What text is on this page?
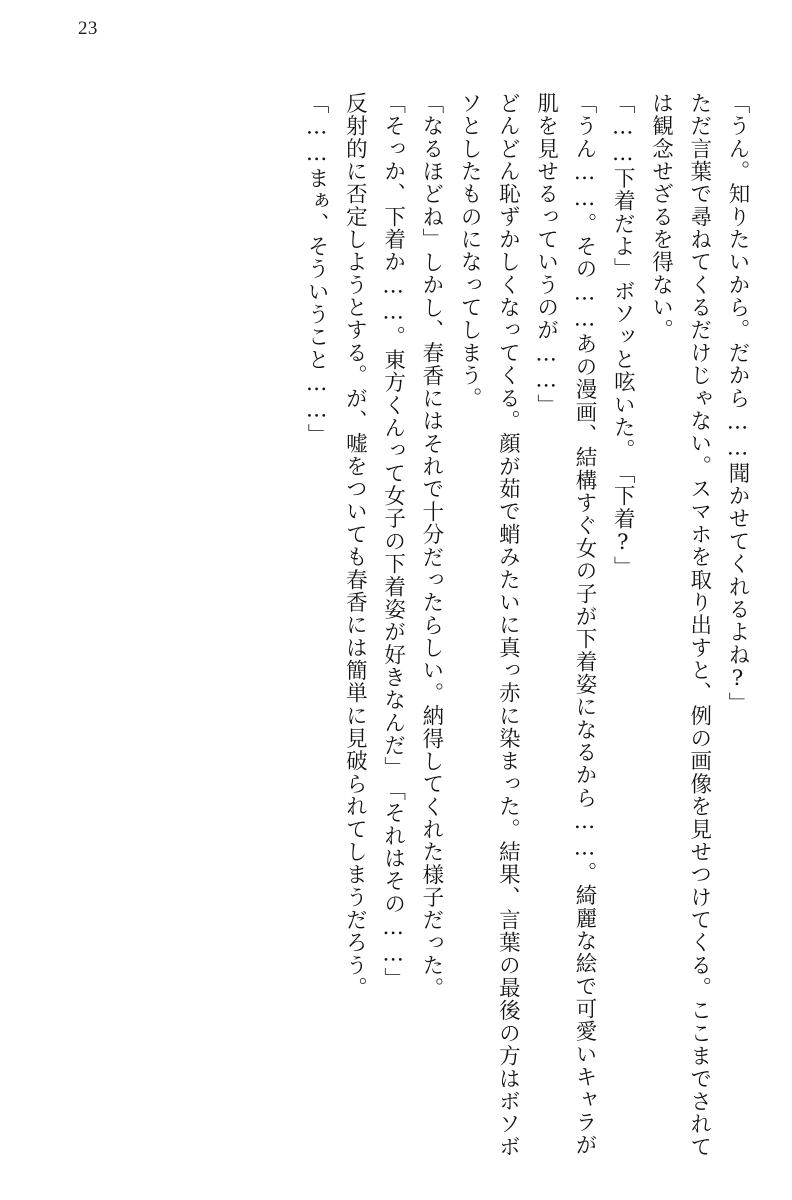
23

「うん。知りたいから。だから……聞かせてくれるよね?」

ただ言葉で尋ねてくるだけじゃない。スマホを取り出すと、例の画像を見せつけてくる。ここまでされては観念せざるを得ない。

「……下着だよ」

ボソッと呟いた。

「下着?」

「うん……。その……あの漫画、結構すぐ女の子が下着姿になるから……。綺麗な絵で可愛いキャラが肌を見せるっていうのが……」

どんどん恥ずかしくなってくる。顔が茹で蛸みたいに真っ赤に染まった。結果、言葉の最後の方はボソボソとしたものになってしまう。

「なるほどね」

しかし、春香にはそれで十分だったらしい。納得してくれた様子だった。

「そっか、下着か……。東方くんって女子の下着姿が好きなんだ」

「それはその……」

反射的に否定しようとする。が、嘘をついても春香には簡単に見破られてしまうだろう。

「……まぁ、そういうこと……」
